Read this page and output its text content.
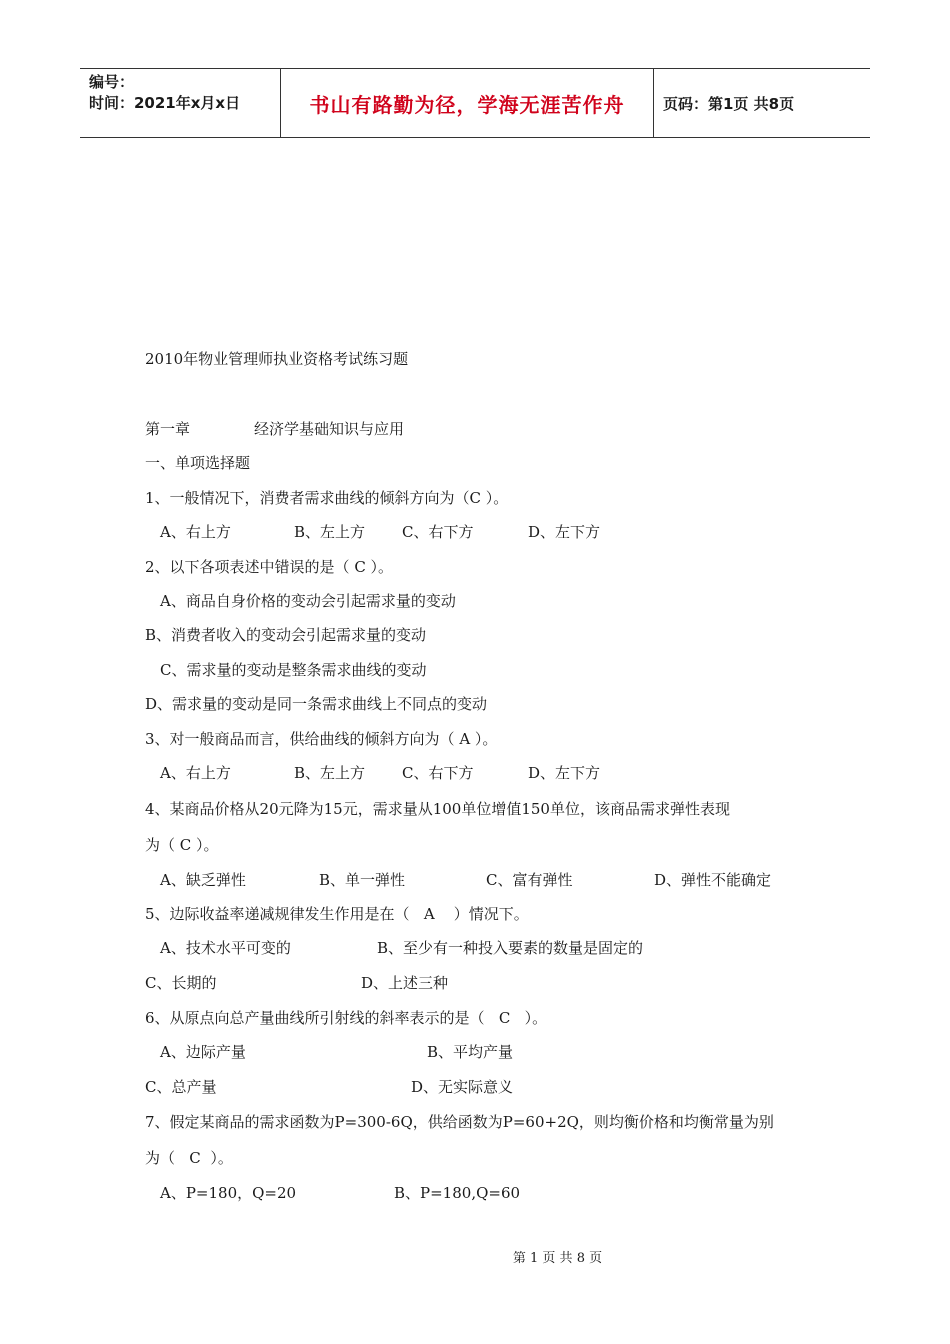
编号：
时间：2021年x月x日	书山有路勤为径，学海无涯苦作舟	页码：第1页 共8页
2010年物业管理师执业资格考试练习题
第一章	经济学基础知识与应用
一、单项选择题
1、一般情况下，消费者需求曲线的倾斜方向为（C ）。
A、右上方	B、左上方 C、右下方	D、左下方
2、以下各项表述中错误的是（ C ）。
A、商品自身价格的变动会引起需求量的变动
B、消费者收入的变动会引起需求量的变动
C、需求量的变动是整条需求曲线的变动
D、需求量的变动是同一条需求曲线上不同点的变动
3、对一般商品而言，供给曲线的倾斜方向为（ A ）。
A、右上方	B、左上方 C、右下方	D、左下方
4、某商品价格从20元降为15元，需求量从100单位增值150单位，该商品需求弹性表现
为（ C ）。
A、缺乏弹性	B、单一弹性	C、富有弹性	D、弹性不能确定
5、边际收益率递减规律发生作用是在（   A    ）情况下。
A、技术水平可变的	B、至少有一种投入要素的数量是固定的
C、长期的	D、上述三种
6、从原点向总产量曲线所引射线的斜率表示的是（   C   ）。
A、边际产量	B、平均产量
C、总产量	D、无实际意义
7、假定某商品的需求函数为P=300-6Q，供给函数为P=60+2Q，则均衡价格和均衡常量为别
为（   C  ）。
A、P=180，Q=20	B、P=180,Q=60
第 1 页 共 8 页
